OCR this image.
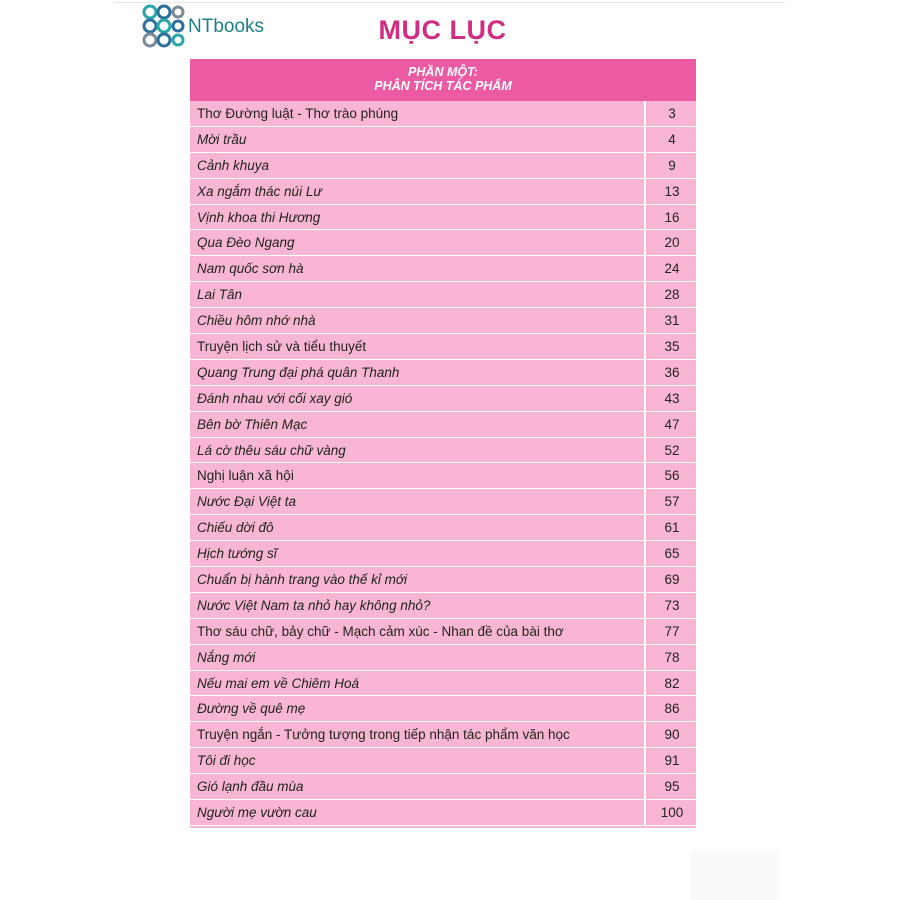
NTbooks	MỤC LỤC
PHẦN MỘT:
PHÂN TÍCH TÁC PHẨM
Thơ Đường luật - Thơ trào phúng	3
Mời trầu	4
Cảnh khuya	9
Xa ngắm thác núi Lư	13
Vịnh khoa thi Hương	16
Qua Đèo Ngang	20
Nam quốc sơn hà	24
Lai Tân	28
Chiều hôm nhớ nhà	31
Truyện lịch sử và tiểu thuyết	35
Quang Trung đại phá quân Thanh	36
Đánh nhau với cối xay gió	43
Bên bờ Thiên Mạc	47
Lá cờ thêu sáu chữ vàng	52
Nghị luận xã hội	56
Nước Đại Việt ta	57
Chiếu dời đô	61
Hịch tướng sĩ	65
Chuẩn bị hành trang vào thế kỉ mới	69
Nước Việt Nam ta nhỏ hay không nhỏ?	73
Thơ sáu chữ, bảy chữ - Mạch cảm xúc - Nhan đề của bài thơ	77
Nắng mới	78
Nếu mai em về Chiêm Hoá	82
Đường về quê mẹ	86
Truyện ngắn - Tưởng tượng trong tiếp nhận tác phẩm văn học	90
Tôi đi học	91
Gió lạnh đầu mùa	95
Người mẹ vườn cau	100
